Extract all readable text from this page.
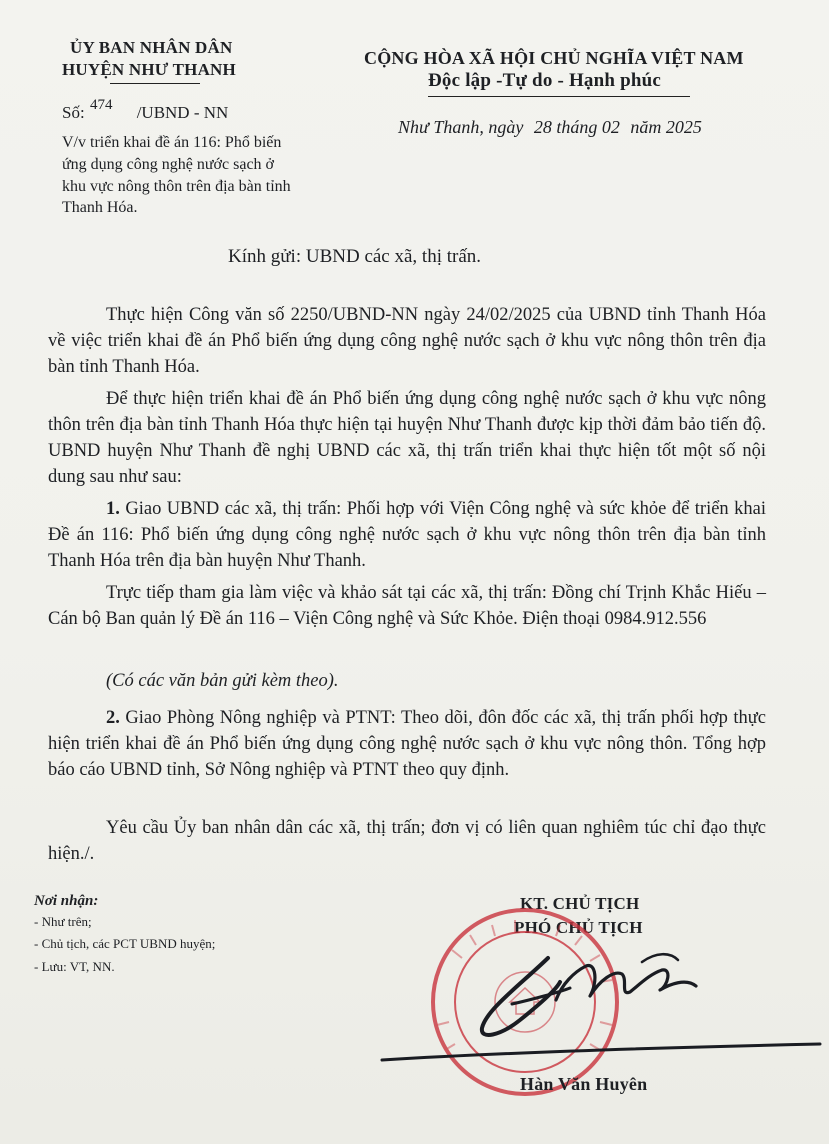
ỦY BAN NHÂN DÂN
HUYỆN NHƯ THANH
CỘNG HÒA XÃ HỘI CHỦ NGHĨA VIỆT NAM
Độc lập -Tự do - Hạnh phúc
Số: 474 /UBND - NN
Như Thanh, ngày 28 tháng 02 năm 2025
V/v triển khai đề án 116: Phổ biến
ứng dụng công nghệ nước sạch ở
khu vực nông thôn trên địa bàn tỉnh
Thanh Hóa.
Kính gửi: UBND các xã, thị trấn.
Thực hiện Công văn số 2250/UBND-NN ngày 24/02/2025 của UBND tỉnh Thanh Hóa về việc triển khai đề án Phổ biến ứng dụng công nghệ nước sạch ở khu vực nông thôn trên địa bàn tỉnh Thanh Hóa.
Để thực hiện triển khai đề án Phổ biến ứng dụng công nghệ nước sạch ở khu vực nông thôn trên địa bàn tỉnh Thanh Hóa thực hiện tại huyện Như Thanh được kịp thời đảm bảo tiến độ. UBND huyện Như Thanh đề nghị UBND các xã, thị trấn triển khai thực hiện tốt một số nội dung sau như sau:
1. Giao UBND các xã, thị trấn: Phối hợp với Viện Công nghệ và sức khỏe để triển khai Đề án 116: Phổ biến ứng dụng công nghệ nước sạch ở khu vực nông thôn trên địa bàn tỉnh Thanh Hóa trên địa bàn huyện Như Thanh.
Trực tiếp tham gia làm việc và khảo sát tại các xã, thị trấn: Đồng chí Trịnh Khắc Hiếu – Cán bộ Ban quản lý Đề án 116 – Viện Công nghệ và Sức Khỏe. Điện thoại 0984.912.556
(Có các văn bản gửi kèm theo).
2. Giao Phòng Nông nghiệp và PTNT: Theo dõi, đôn đốc các xã, thị trấn phối hợp thực hiện triển khai đề án Phổ biến ứng dụng công nghệ nước sạch ở khu vực nông thôn. Tổng hợp báo cáo UBND tỉnh, Sở Nông nghiệp và PTNT theo quy định.
Yêu cầu Ủy ban nhân dân các xã, thị trấn; đơn vị có liên quan nghiêm túc chỉ đạo thực hiện./.
Nơi nhận:
- Như trên;
- Chủ tịch, các PCT UBND huyện;
- Lưu: VT, NN.
KT. CHỦ TỊCH
PHÓ CHỦ TỊCH
Hàn Văn Huyên
